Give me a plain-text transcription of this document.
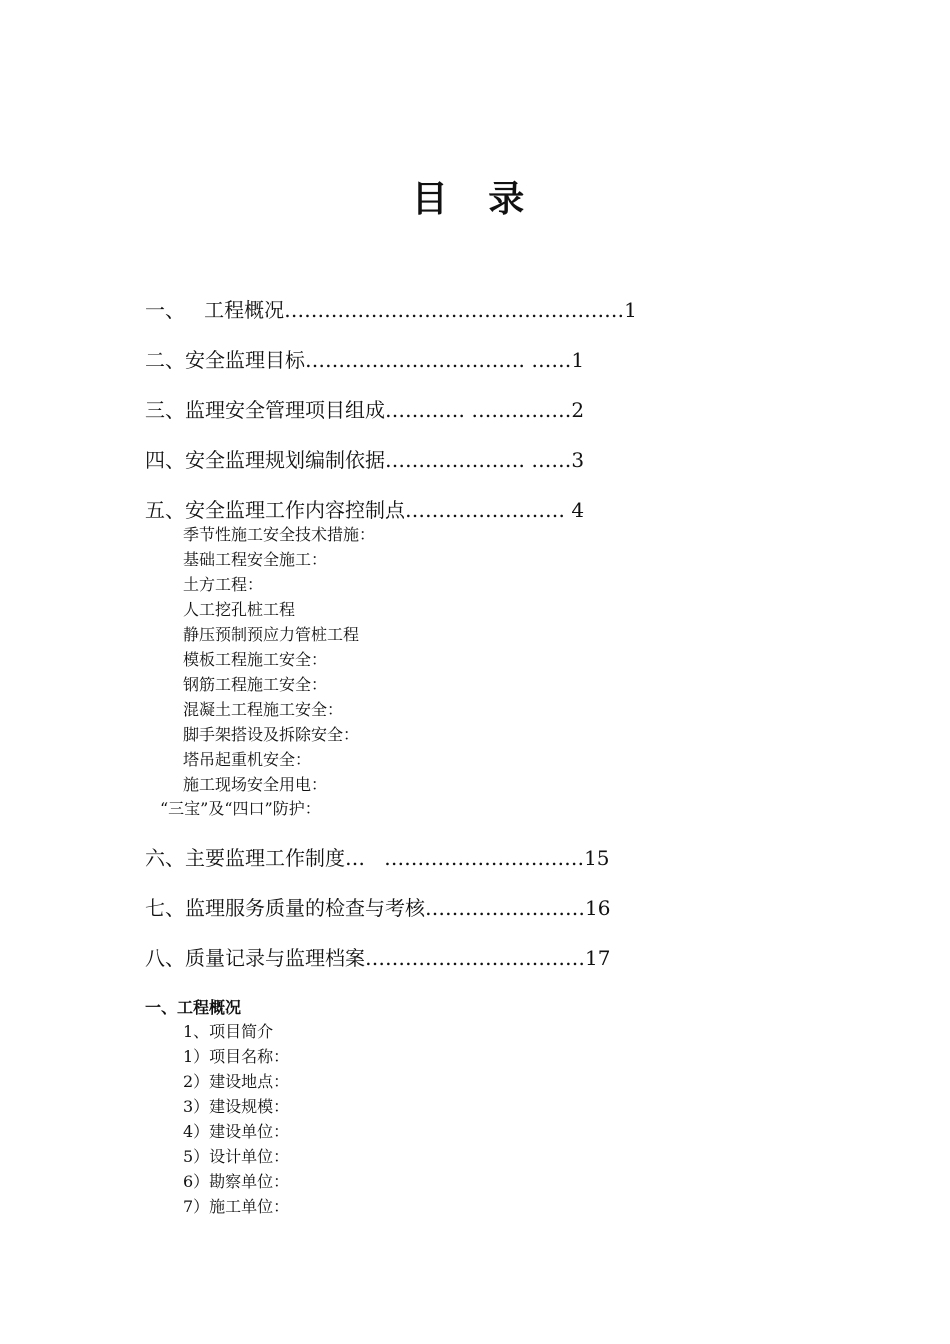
目 录
一、   工程概况……………………………………………1
二、安全监理目标…………………………… ……1
三、监理安全管理项目组成………… ……………2
四、安全监理规划编制依据………………… ……3
五、安全监理工作内容控制点…………………… 4
季节性施工安全技术措施：
基础工程安全施工：
土方工程：
人工挖孔桩工程
静压预制预应力管桩工程
模板工程施工安全：
钢筋工程施工安全：
混凝土工程施工安全：
脚手架搭设及拆除安全：
塔吊起重机安全：
施工现场安全用电：
“三宝”及“四口”防护：
六、主要监理工作制度…   …………………………15
七、监理服务质量的检查与考核……………………16
八、质量记录与监理档案……………………………17
一、工程概况
1、项目简介
1）项目名称：
2）建设地点：
3）建设规模：
4）建设单位：
5）设计单位：
6）勘察单位：
7）施工单位：
